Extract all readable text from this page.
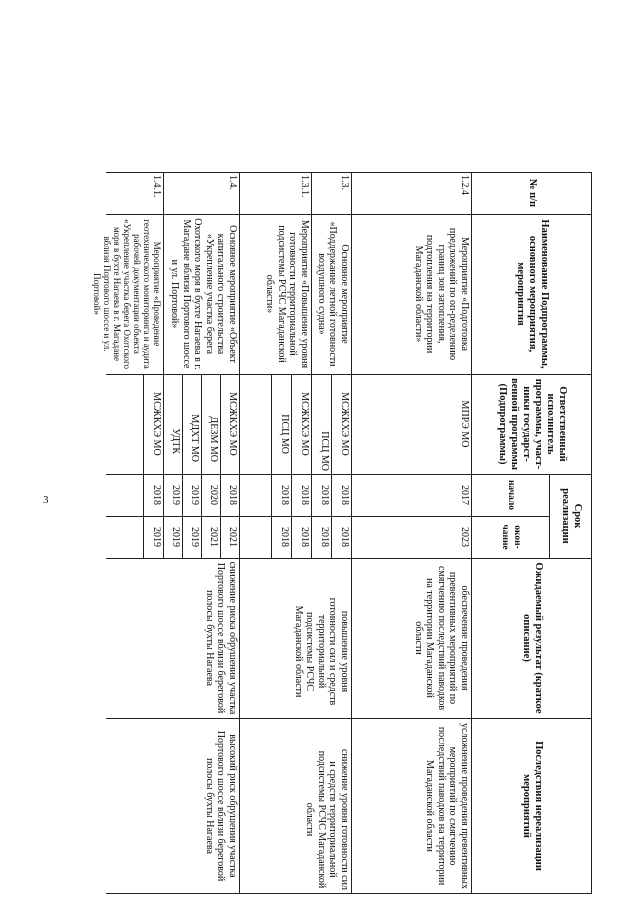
3
№ п/п
Наименование Подпрограммы, основного мероприятия, мероприятия
Ответственный исполнитель программы, участ-ники государст-венной программы (Подпрограммы)
Срок реализации
начало
окон-чание
Ожидаемый результат (краткое описание)
Последствия нереализации мероприятий
1.2.4
Мероприятие «Подготовка предложений по оп-ределению границ зон затопления, подтопления на территории Магаданской области»
МПРЭ МО
2017
2023
обеспечение проведения превентивных мероприятий по смягчению последствий паводков на территории Магаданской области
усложнение проведения превентивных мероприятий по смягчению последствий паводков на территории Магаданской области
1.3.
Основное мероприятие «Поддержание летной готовности воздушного судна»
МСЖКХЭ МО
ПСЦ МО
2018
2018
2018
2018
повышение уровня готовности сил и средств территориальной подсистемы РСЧС Магаданской области
снижение уровня готовности сил и средств территориальной подсистемы РСЧС Магаданской области
1.3.1.
Мероприятие «Повышение уровня готовности территориальной подсистемы РСЧС Магаданской области»
МСЖКХЭ МО
ПСЦ МО
2018
2018
2018
2018
1.4.
Основное мероприятие «Объект капитального строительства «Укрепление участка берега Охотского моря в бухте Нагаева в г. Магадане вблизи Портового шоссе и ул. Портовой»
МСЖКХЭ МО
ДЕЗМ МО
МДХТ МО
УДТК
2018
2020
2019
2019
2021
2021
2019
2019
снижение риска обрушения участка Портового шоссе вблизи береговой полосы бухты Нагаева
высокий риск обрушения участка Портового шоссе вблизи береговой полосы бухты Нагаева
1.4.1.
Мероприятие «Проведение геотехнического мониторинга и аудита рабочей документации объекта «Укрепление участка берега Охотского моря в бухте Нагаева в г. Магадане вблизи Портового шоссе и ул. Портовой»
МСЖКХЭ МО
2018
2019
